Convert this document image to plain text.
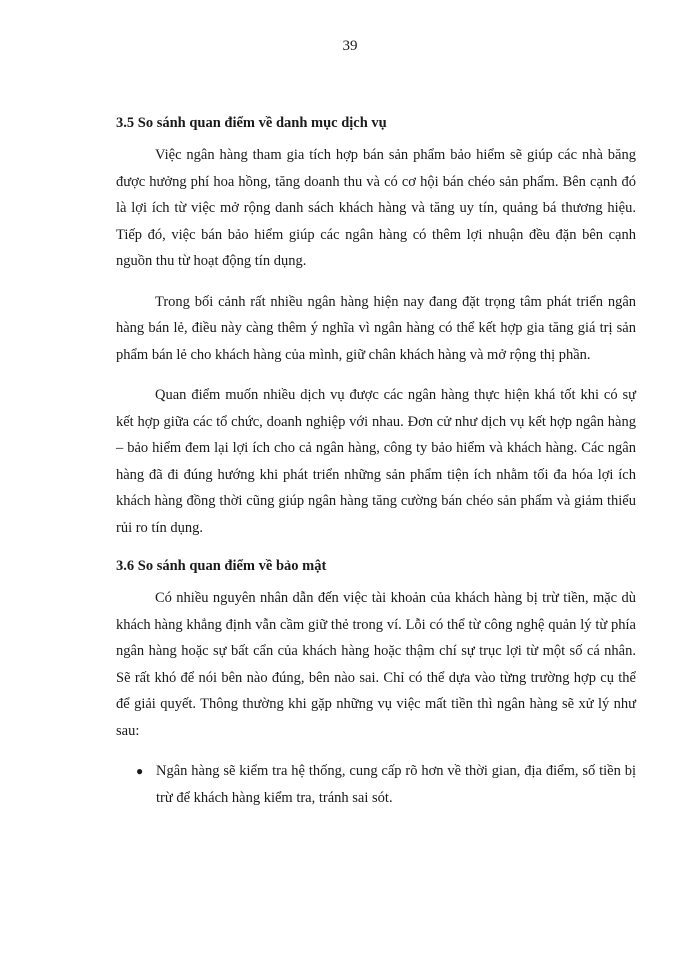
39
3.5 So sánh quan điểm về danh mục dịch vụ

Việc ngân hàng tham gia tích hợp bán sản phẩm bảo hiểm sẽ giúp các nhà băng được hưởng phí hoa hồng, tăng doanh thu và có cơ hội bán chéo sản phẩm. Bên cạnh đó là lợi ích từ việc mở rộng danh sách khách hàng và tăng uy tín, quảng bá thương hiệu. Tiếp đó, việc bán bảo hiểm giúp các ngân hàng có thêm lợi nhuận đều đặn bên cạnh nguồn thu từ hoạt động tín dụng.

Trong bối cảnh rất nhiều ngân hàng hiện nay đang đặt trọng tâm phát triển ngân hàng bán lẻ, điều này càng thêm ý nghĩa vì ngân hàng có thể kết hợp gia tăng giá trị sản phẩm bán lẻ cho khách hàng của mình, giữ chân khách hàng và mở rộng thị phần.

Quan điểm muốn nhiều dịch vụ được các ngân hàng thực hiện khá tốt khi có sự kết hợp giữa các tổ chức, doanh nghiệp với nhau. Đơn cử như dịch vụ kết hợp ngân hàng – bảo hiểm đem lại lợi ích cho cả ngân hàng, công ty bảo hiểm và khách hàng. Các ngân hàng đã đi đúng hướng khi phát triển những sản phẩm tiện ích nhằm tối đa hóa lợi ích khách hàng đồng thời cũng giúp ngân hàng tăng cường bán chéo sản phẩm và giảm thiểu rủi ro tín dụng.

3.6 So sánh quan điểm về bảo mật

Có nhiều nguyên nhân dẫn đến việc tài khoản của khách hàng bị trừ tiền, mặc dù khách hàng khẳng định vẫn cầm giữ thẻ trong ví. Lỗi có thể từ công nghệ quản lý từ phía ngân hàng hoặc sự bất cẩn của khách hàng hoặc thậm chí sự trục lợi từ một số cá nhân. Sẽ rất khó để nói bên nào đúng, bên nào sai. Chỉ có thể dựa vào từng trường hợp cụ thể để giải quyết. Thông thường khi gặp những vụ việc mất tiền thì ngân hàng sẽ xử lý như sau:

● Ngân hàng sẽ kiểm tra hệ thống, cung cấp rõ hơn về thời gian, địa điểm, số tiền bị trừ để khách hàng kiểm tra, tránh sai sót.
